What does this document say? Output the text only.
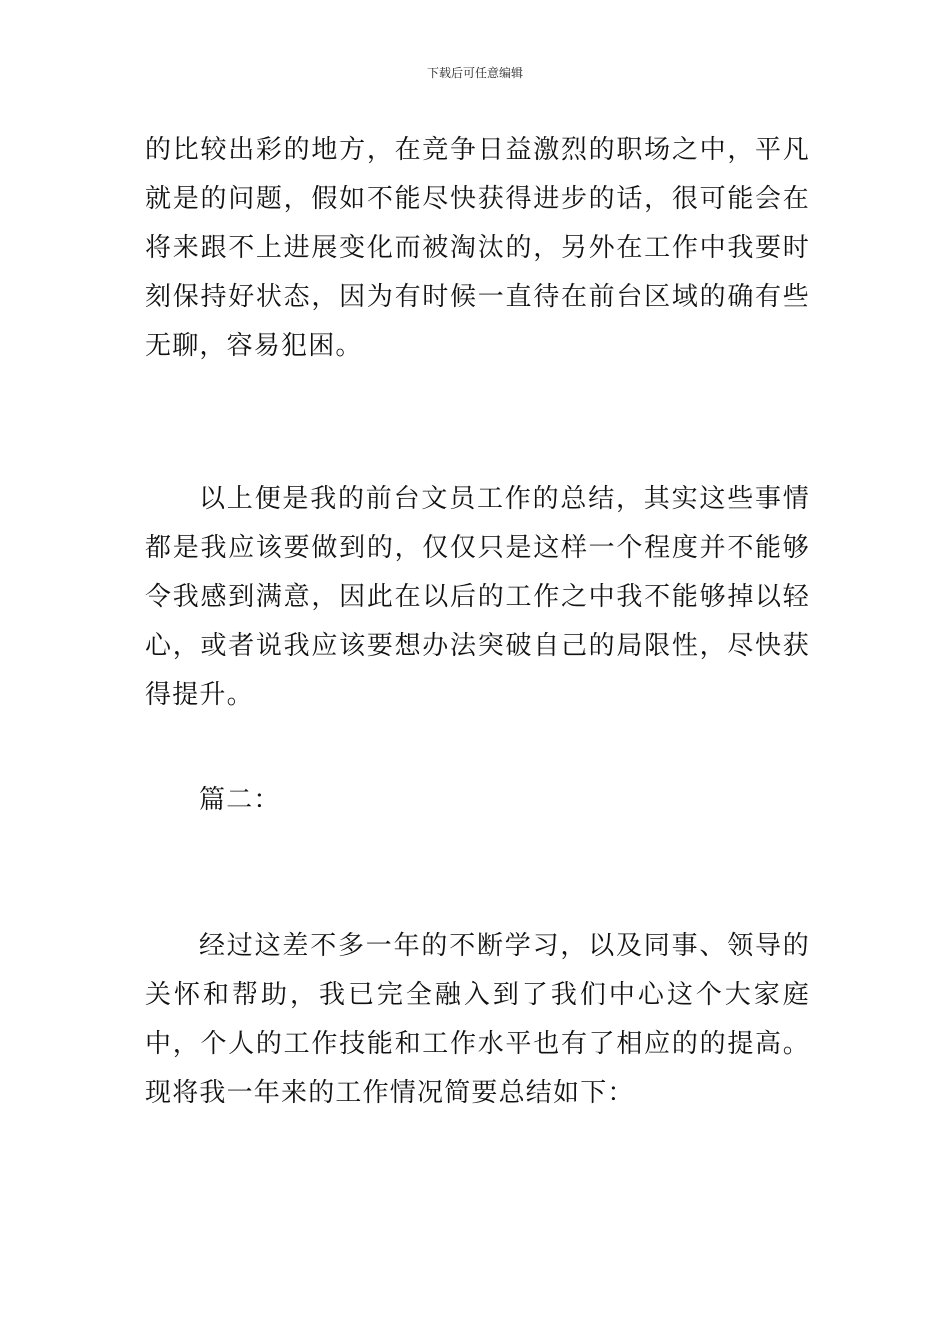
下载后可任意编辑

的比较出彩的地方，在竞争日益激烈的职场之中，平凡就是的问题，假如不能尽快获得进步的话，很可能会在将来跟不上进展变化而被淘汰的，另外在工作中我要时刻保持好状态，因为有时候一直待在前台区域的确有些无聊，容易犯困。

以上便是我的前台文员工作的总结，其实这些事情都是我应该要做到的，仅仅只是这样一个程度并不能够令我感到满意，因此在以后的工作之中我不能够掉以轻心，或者说我应该要想办法突破自己的局限性，尽快获得提升。

篇二：

经过这差不多一年的不断学习，以及同事、领导的关怀和帮助，我已完全融入到了我们中心这个大家庭中，个人的工作技能和工作水平也有了相应的的提高。现将我一年来的工作情况简要总结如下：
